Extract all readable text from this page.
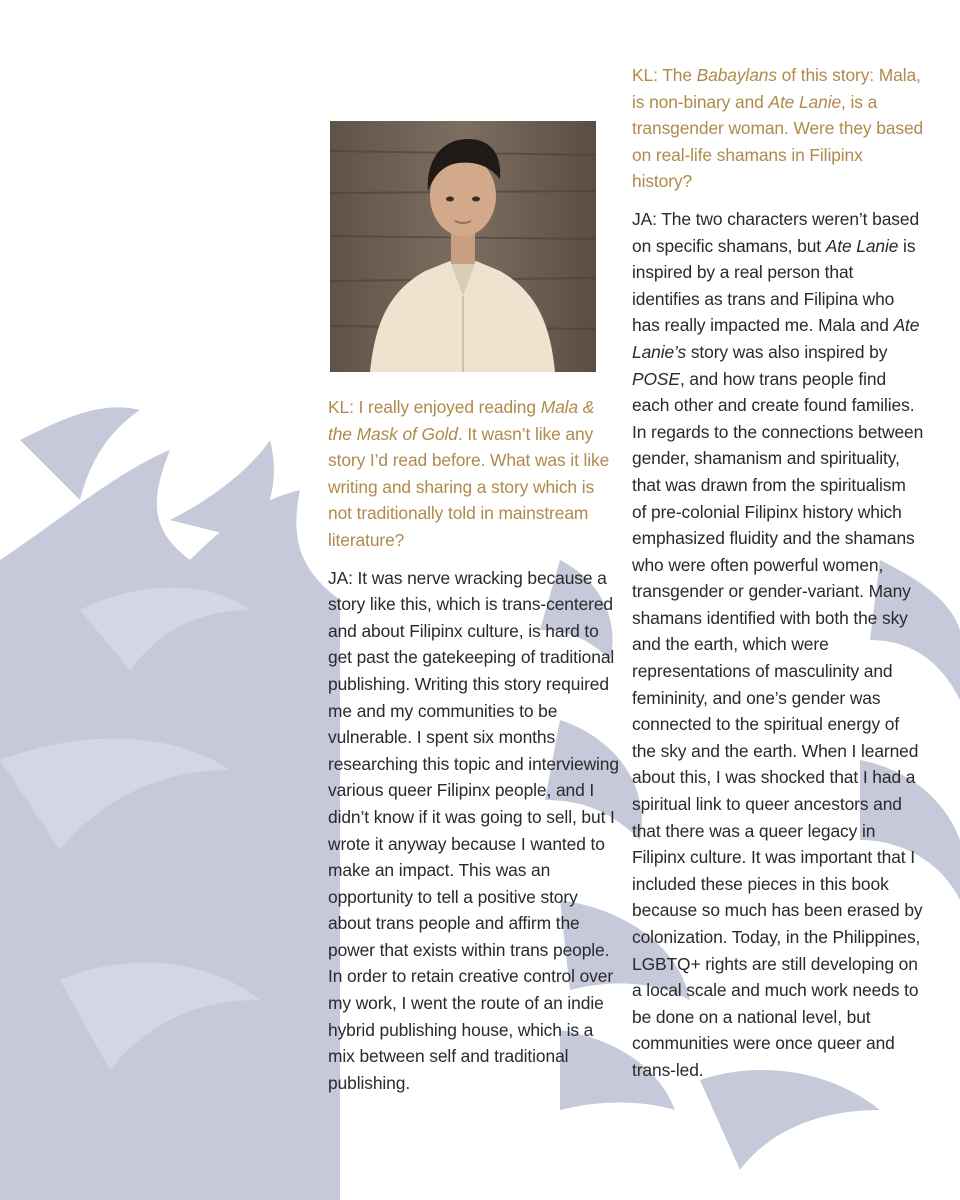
KL: I really enjoyed reading Mala & the Mask of Gold. It wasn’t like any story I’d read before. What was it like writing and sharing a story which is not traditionally told in mainstream literature?

JA: It was nerve wracking because a story like this, which is trans-centered and about Filipinx culture, is hard to get past the gatekeeping of traditional publishing. Writing this story required me and my communities to be vulnerable. I spent six months researching this topic and interviewing various queer Filipinx people, and I didn’t know if it was going to sell, but I wrote it anyway because I wanted to make an impact. This was an opportunity to tell a positive story about trans people and affirm the power that exists within trans people. In order to retain creative control over my work, I went the route of an indie hybrid publishing house, which is a mix between self and traditional publishing.

KL: The Babaylans of this story: Mala, is non-binary and Ate Lanie, is a transgender woman. Were they based on real-life shamans in Filipinx history?

JA: The two characters weren’t based on specific shamans, but Ate Lanie is inspired by a real person that identifies as trans and Filipina who has really impacted me. Mala and Ate Lanie’s story was also inspired by POSE, and how trans people find each other and create found families. In regards to the connections between gender, shamanism and spirituality, that was drawn from the spiritualism of pre-colonial Filipinx history which emphasized fluidity and the shamans who were often powerful women, transgender or gender-variant. Many shamans identified with both the sky and the earth, which were representations of masculinity and femininity, and one’s gender was connected to the spiritual energy of the sky and the earth. When I learned about this, I was shocked that I had a spiritual link to queer ancestors and that there was a queer legacy in Filipinx culture. It was important that I included these pieces in this book because so much has been erased by colonization. Today, in the Philippines, LGBTQ+ rights are still developing on a local scale and much work needs to be done on a national level, but communities were once queer and trans-led.
